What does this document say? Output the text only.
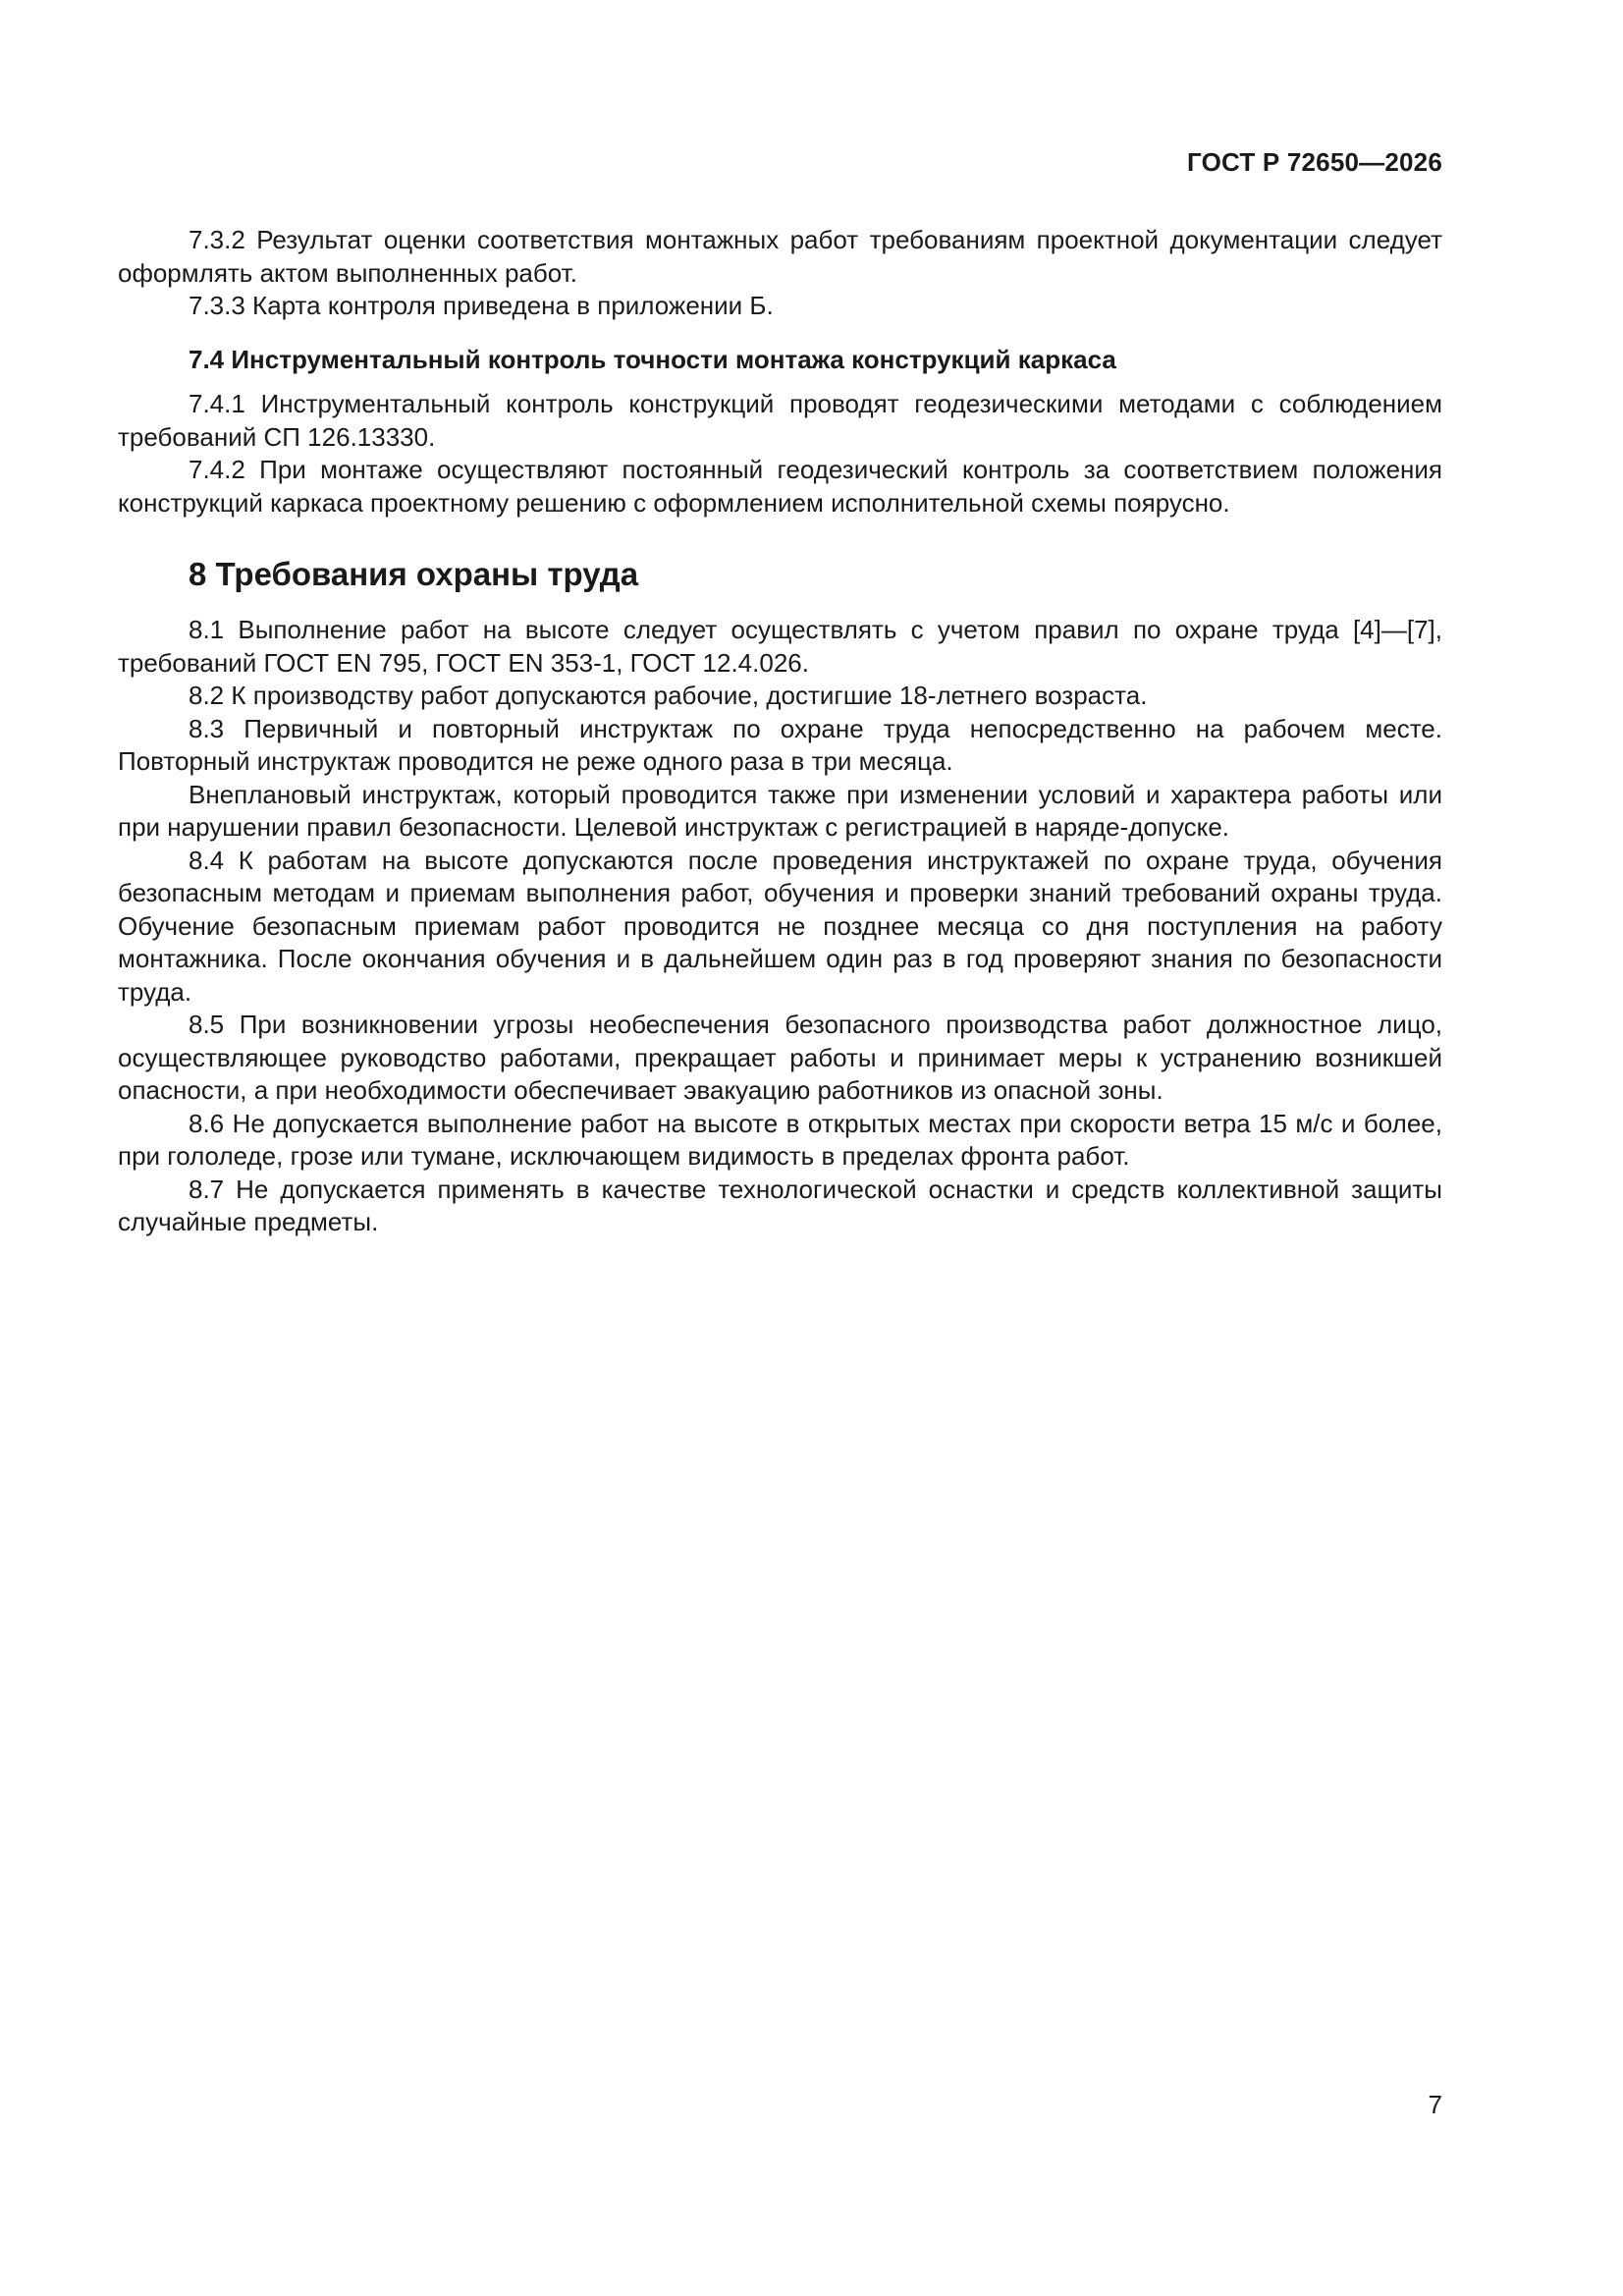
ГОСТ Р 72650—2026

7.3.2 Результат оценки соответствия монтажных работ требованиям проектной документации следует оформлять актом выполненных работ.

7.3.3 Карта контроля приведена в приложении Б.

7.4 Инструментальный контроль точности монтажа конструкций каркаса

7.4.1 Инструментальный контроль конструкций проводят геодезическими методами с соблюдением требований СП 126.13330.

7.4.2 При монтаже осуществляют постоянный геодезический контроль за соответствием положения конструкций каркаса проектному решению с оформлением исполнительной схемы поярусно.

8 Требования охраны труда

8.1 Выполнение работ на высоте следует осуществлять с учетом правил по охране труда [4]—[7], требований ГОСТ EN 795, ГОСТ EN 353-1, ГОСТ 12.4.026.

8.2 К производству работ допускаются рабочие, достигшие 18-летнего возраста.

8.3 Первичный и повторный инструктаж по охране труда непосредственно на рабочем месте. Повторный инструктаж проводится не реже одного раза в три месяца.

Внеплановый инструктаж, который проводится также при изменении условий и характера работы или при нарушении правил безопасности. Целевой инструктаж с регистрацией в наряде-допуске.

8.4 К работам на высоте допускаются после проведения инструктажей по охране труда, обучения безопасным методам и приемам выполнения работ, обучения и проверки знаний требований охраны труда. Обучение безопасным приемам работ проводится не позднее месяца со дня поступления на работу монтажника. После окончания обучения и в дальнейшем один раз в год проверяют знания по безопасности труда.

8.5 При возникновении угрозы необеспечения безопасного производства работ должностное лицо, осуществляющее руководство работами, прекращает работы и принимает меры к устранению возникшей опасности, а при необходимости обеспечивает эвакуацию работников из опасной зоны.

8.6 Не допускается выполнение работ на высоте в открытых местах при скорости ветра 15 м/с и более, при гололеде, грозе или тумане, исключающем видимость в пределах фронта работ.

8.7 Не допускается применять в качестве технологической оснастки и средств коллективной защиты случайные предметы.

7
